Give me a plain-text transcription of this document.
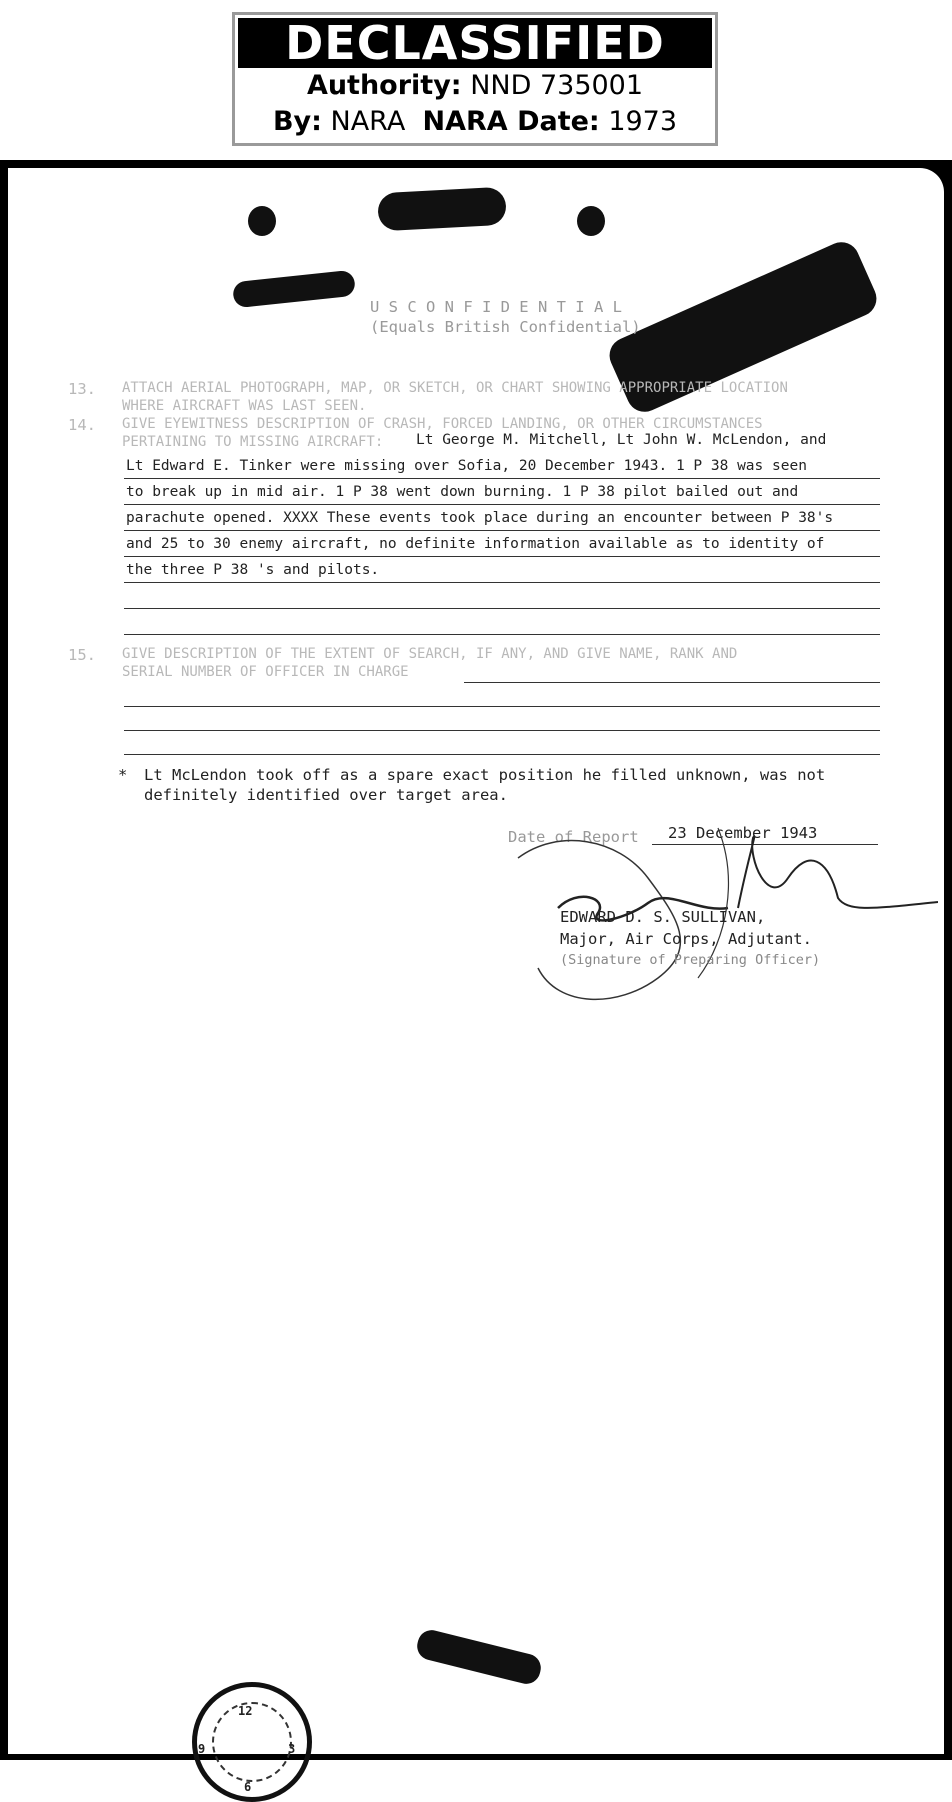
DECLASSIFIED
Authority: NND 735001
By: NARA NARA Date: 1973
U S C O N F I D E N T I A L
(Equals British Confidential)
13. ATTACH AERIAL PHOTOGRAPH, MAP, OR SKETCH, OR CHART SHOWING APPROPRIATE LOCATION
WHERE AIRCRAFT WAS LAST SEEN.
14. GIVE EYEWITNESS DESCRIPTION OF CRASH, FORCED LANDING, OR OTHER CIRCUMSTANCES
PERTAINING TO MISSING AIRCRAFT: Lt George M. Mitchell, Lt John W. McLendon, and
Lt Edward E. Tinker were missing over Sofia, 20 December 1943. 1 P 38 was seen
to break up in mid air. 1 P 38 went down burning. 1 P 38 pilot bailed out and
parachute opened. XXXX These events took place during an encounter between P 38's
and 25 to 30 enemy aircraft, no definite information available as to identity of
the three P 38 's and pilots.
15. GIVE DESCRIPTION OF THE EXTENT OF SEARCH, IF ANY, AND GIVE NAME, RANK AND
SERIAL NUMBER OF OFFICER IN CHARGE
* Lt McLendon took off as a spare exact position he filled unknown, was not
definitely identified over target area.
Date of Report 23 December 1943
EDWARD D. S. SULLIVAN,
Major, Air Corps, Adjutant.
(Signature of Preparing Officer)
12
3
6
9
